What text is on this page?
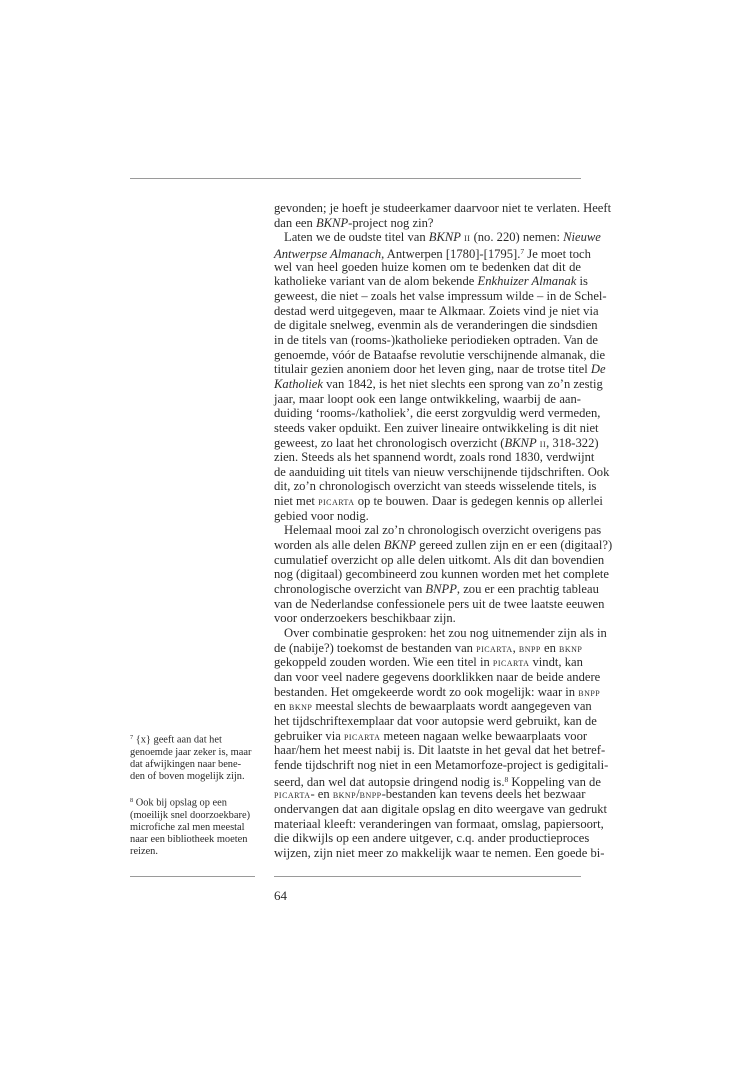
gevonden; je hoeft je studeerkamer daarvoor niet te verlaten. Heeft
dan een BKNP-project nog zin?
Laten we de oudste titel van BKNP ii (no. 220) nemen: Nieuwe
Antwerpse Almanach, Antwerpen [1780]-[1795].$^7$ Je moet toch
wel van heel goeden huize komen om te bedenken dat dit de
katholieke variant van de alom bekende Enkhuizer Almanak is
geweest, die niet – zoals het valse impressum wilde – in de Schel-
destad werd uitgegeven, maar te Alkmaar. Zoiets vind je niet via
de digitale snelweg, evenmin als de veranderingen die sindsdien
in de titels van (rooms-)katholieke periodieken optraden. Van de
genoemde, vóór de Bataafse revolutie verschijnende almanak, die
titulair gezien anoniem door het leven ging, naar de trotse titel De
Katholiek van 1842, is het niet slechts een sprong van zo’n zestig
jaar, maar loopt ook een lange ontwikkeling, waarbij de aan-
duiding ‘rooms-/katholiek’, die eerst zorgvuldig werd vermeden,
steeds vaker opduikt. Een zuiver lineaire ontwikkeling is dit niet
geweest, zo laat het chronologisch overzicht (BKNP ii, 318-322)
zien. Steeds als het spannend wordt, zoals rond 1830, verdwijnt
de aanduiding uit titels van nieuw verschijnende tijdschriften. Ook
dit, zo’n chronologisch overzicht van steeds wisselende titels, is
niet met picarta op te bouwen. Daar is gedegen kennis op allerlei
gebied voor nodig.
Helemaal mooi zal zo’n chronologisch overzicht overigens pas
worden als alle delen BKNP gereed zullen zijn en er een (digitaal?)
cumulatief overzicht op alle delen uitkomt. Als dit dan bovendien
nog (digitaal) gecombineerd zou kunnen worden met het complete
chronologische overzicht van BNPP, zou er een prachtig tableau
van de Nederlandse confessionele pers uit de twee laatste eeuwen
voor onderzoekers beschikbaar zijn.
Over combinatie gesproken: het zou nog uitnemender zijn als in
de (nabije?) toekomst de bestanden van picarta, bnpp en bknp
gekoppeld zouden worden. Wie een titel in picarta vindt, kan
dan voor veel nadere gegevens doorklikken naar de beide andere
bestanden. Het omgekeerde wordt zo ook mogelijk: waar in bnpp
en bknp meestal slechts de bewaarplaats wordt aangegeven van
het tijdschriftexemplaar dat voor autopsie werd gebruikt, kan de
gebruiker via picarta meteen nagaan welke bewaarplaats voor
haar/hem het meest nabij is. Dit laatste in het geval dat het betref-
fende tijdschrift nog niet in een Metamorfoze-project is gedigitali-
seerd, dan wel dat autopsie dringend nodig is.$^8$ Koppeling van de
picarta- en bknp/bnpp-bestanden kan tevens deels het bezwaar
ondervangen dat aan digitale opslag en dito weergave van gedrukt
materiaal kleeft: veranderingen van formaat, omslag, papiersoort,
die dikwijls op een andere uitgever, c.q. ander productieproces
wijzen, zijn niet meer zo makkelijk waar te nemen. Een goede bi-
$^7$ {x} geeft aan dat het
genoemde jaar zeker is, maar
dat afwijkingen naar bene-
den of boven mogelijk zijn.
$^8$ Ook bij opslag op een
(moeilijk snel doorzoekbare)
microfiche zal men meestal
naar een bibliotheek moeten
reizen.
64
